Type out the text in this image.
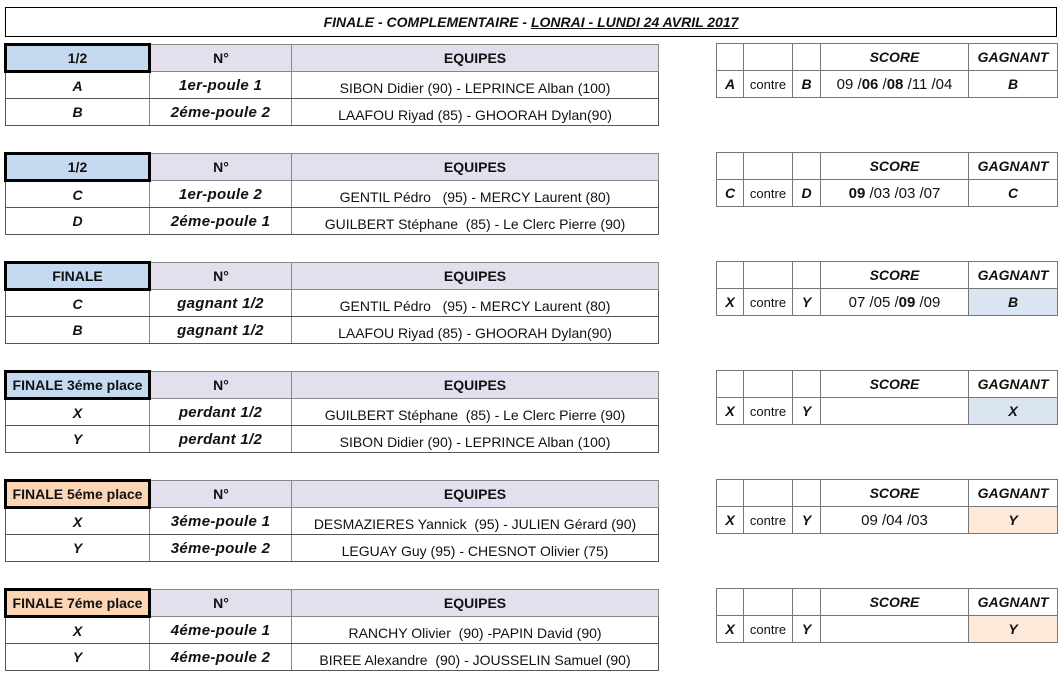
FINALE - COMPLEMENTAIRE - LONRAI - LUNDI 24 AVRIL 2017
1/2	N°	EQUIPES
A	1er-poule 1	SIBON Didier (90) - LEPRINCE Alban (100)
B	2éme-poule 2	LAAFOU Riyad (85) - GHOORAH Dylan(90)
			SCORE	GAGNANT
A	contre	B	09 /06 /08 /11 /04	B
1/2	N°	EQUIPES
C	1er-poule 2	GENTIL Pédro   (95) - MERCY Laurent (80)
D	2éme-poule 1	GUILBERT Stéphane  (85) - Le Clerc Pierre (90)
			SCORE	GAGNANT
C	contre	D	09 /03 /03 /07	C
FINALE	N°	EQUIPES
C	gagnant 1/2	GENTIL Pédro   (95) - MERCY Laurent (80)
B	gagnant 1/2	LAAFOU Riyad (85) - GHOORAH Dylan(90)
			SCORE	GAGNANT
X	contre	Y	07 /05 /09 /09	B
FINALE 3éme place	N°	EQUIPES
X	perdant 1/2	GUILBERT Stéphane  (85) - Le Clerc Pierre (90)
Y	perdant 1/2	SIBON Didier (90) - LEPRINCE Alban (100)
			SCORE	GAGNANT
X	contre	Y		X
FINALE 5éme place	N°	EQUIPES
X	3éme-poule 1	DESMAZIERES Yannick  (95) - JULIEN Gérard (90)
Y	3éme-poule 2	LEGUAY Guy (95) - CHESNOT Olivier (75)
			SCORE	GAGNANT
X	contre	Y	09 /04 /03	Y
FINALE 7éme place	N°	EQUIPES
X	4éme-poule 1	RANCHY Olivier  (90) -PAPIN David (90)
Y	4éme-poule 2	BIREE Alexandre  (90) - JOUSSELIN Samuel (90)
			SCORE	GAGNANT
X	contre	Y		Y
